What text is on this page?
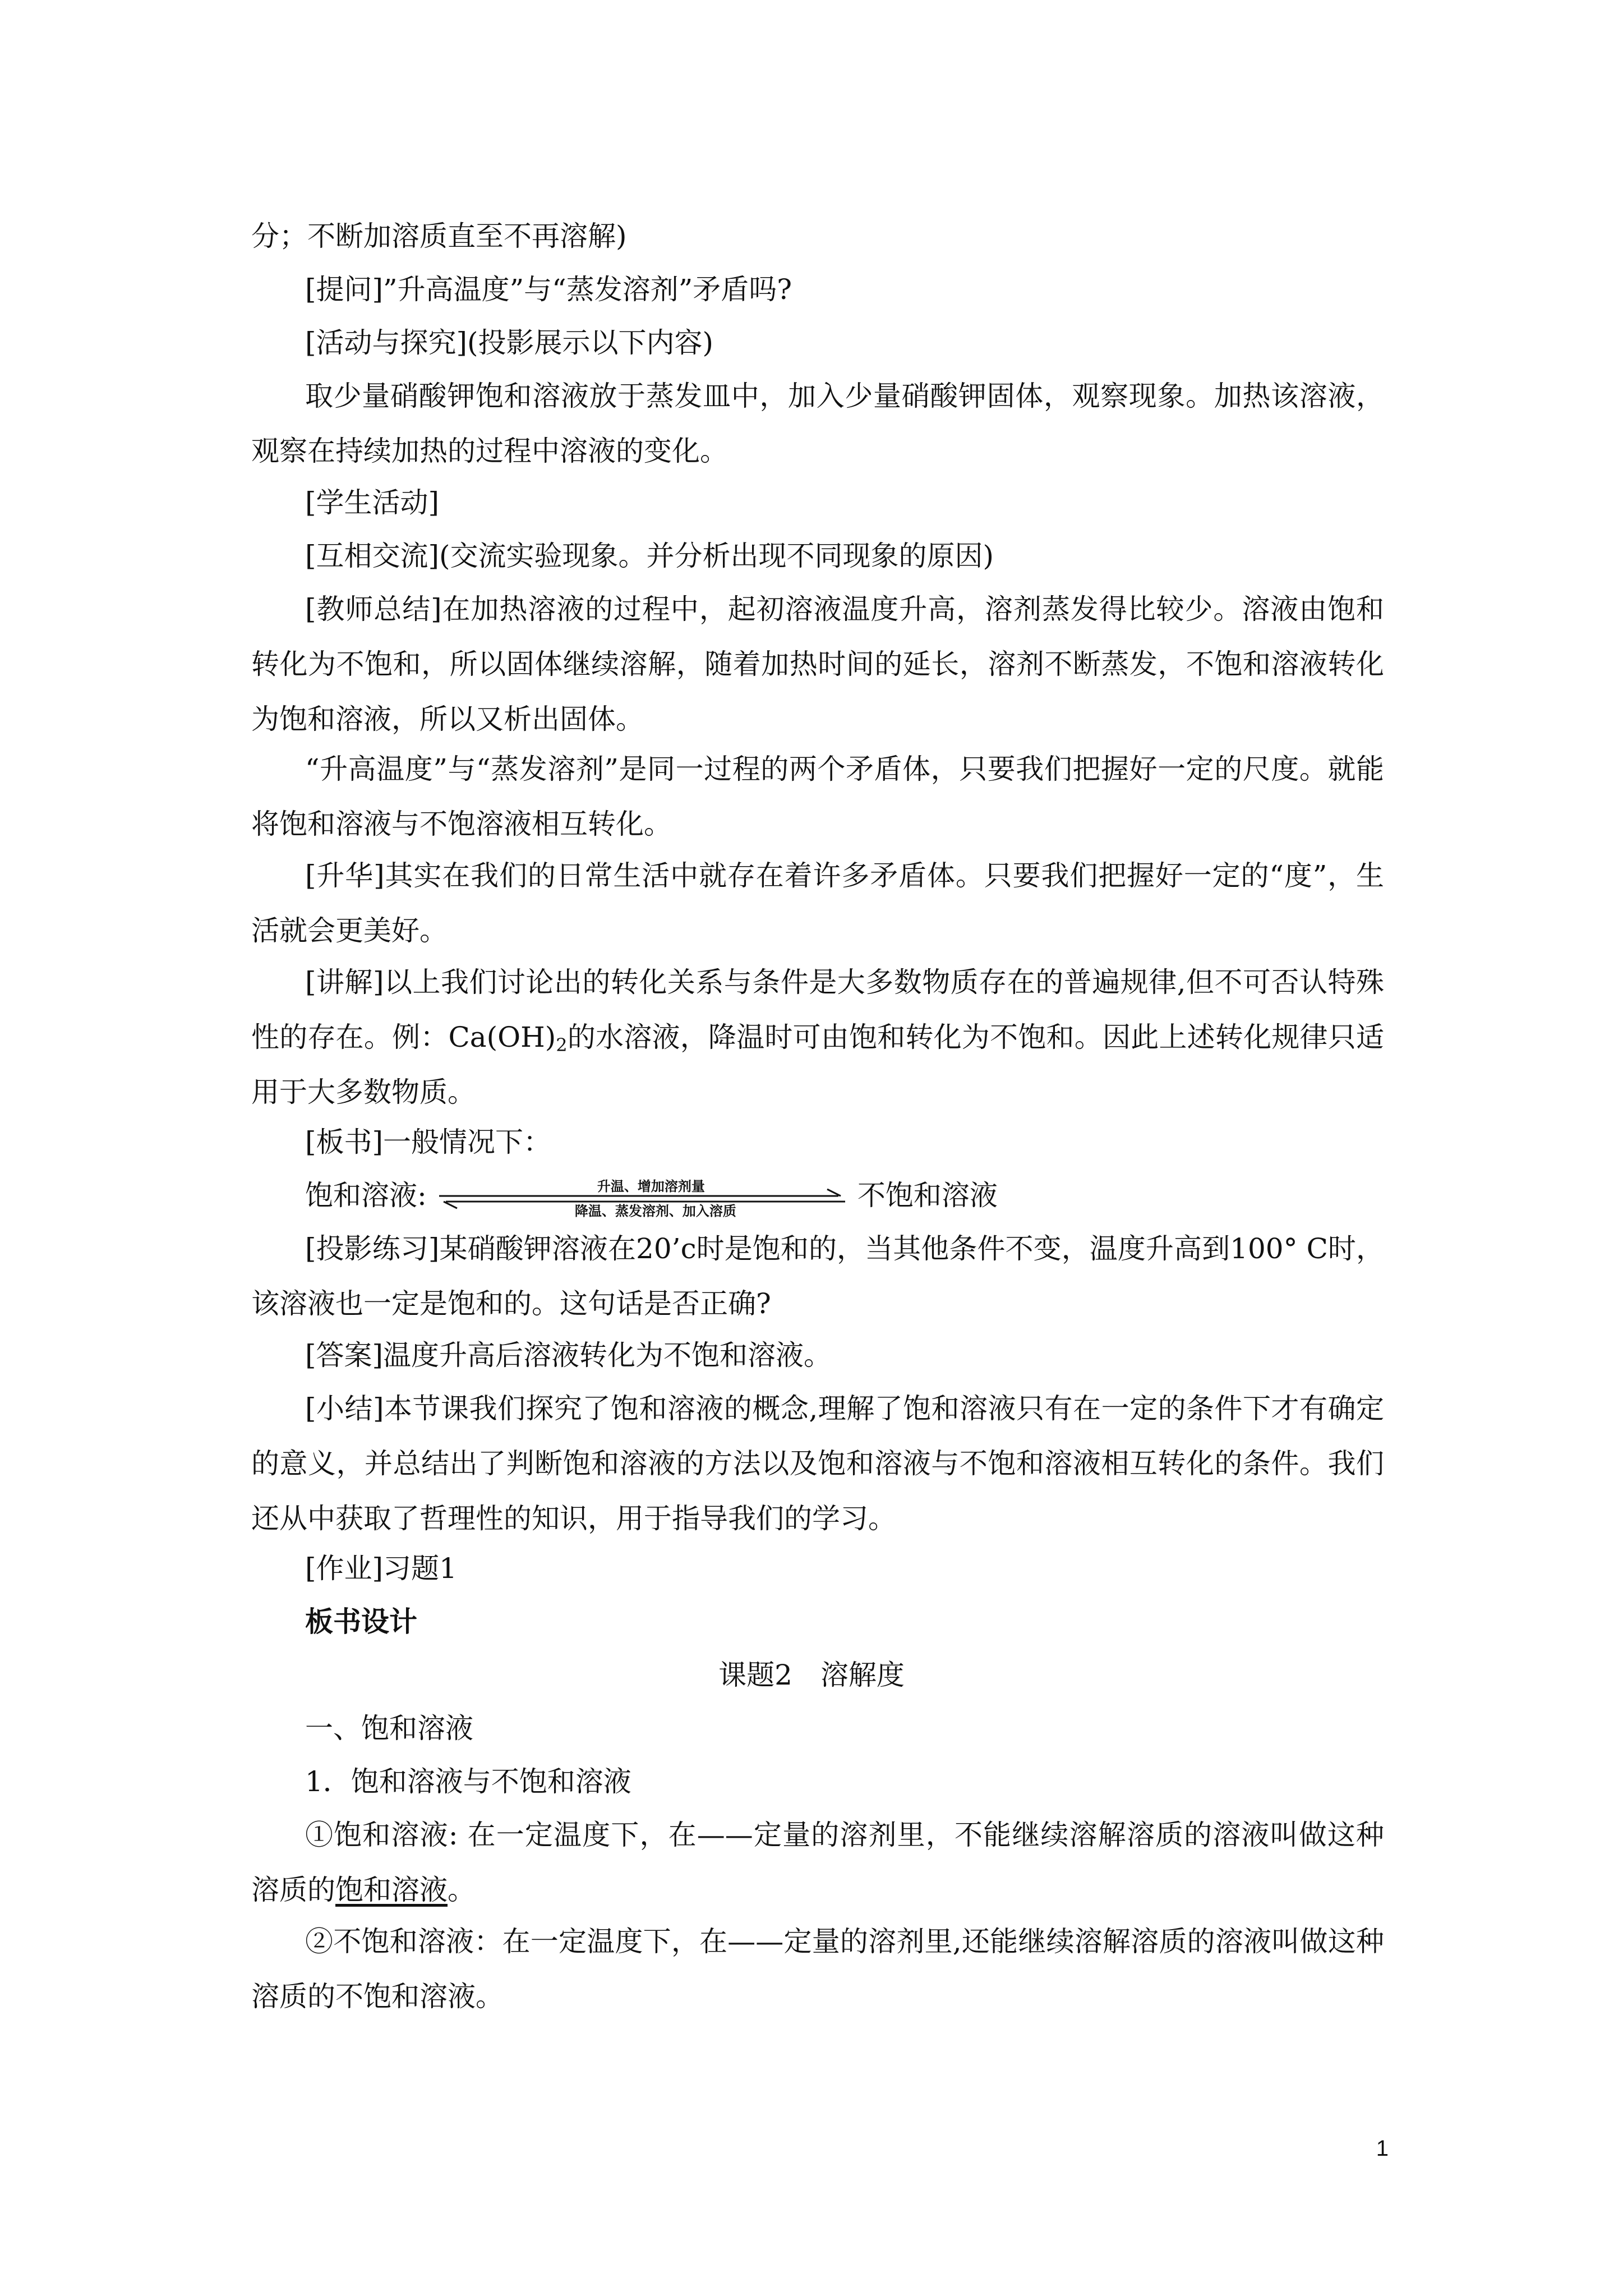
分；不断加溶质直至不再溶解)
[提问]”升高温度”与“蒸发溶剂”矛盾吗?
[活动与探究](投影展示以下内容)
取少量硝酸钾饱和溶液放于蒸发皿中，加入少量硝酸钾固体，观察现象。加热该溶液，观察在持续加热的过程中溶液的变化。
[学生活动]
[互相交流](交流实验现象。并分析出现不同现象的原因)
[教师总结]在加热溶液的过程中，起初溶液温度升高，溶剂蒸发得比较少。溶液由饱和转化为不饱和，所以固体继续溶解，随着加热时间的延长，溶剂不断蒸发，不饱和溶液转化为饱和溶液，所以又析出固体。
“升高温度”与“蒸发溶剂”是同一过程的两个矛盾体，只要我们把握好一定的尺度。就能将饱和溶液与不饱溶液相互转化。
[升华]其实在我们的日常生活中就存在着许多矛盾体。只要我们把握好一定的“度”，生活就会更美好。
[讲解]以上我们讨论出的转化关系与条件是大多数物质存在的普遍规律,但不可否认特殊性的存在。例：$Ca(OH)_2$的水溶液，降温时可由饱和转化为不饱和。因此上述转化规律只适用于大多数物质。
[板书]一般情况下：
饱和溶液:	升温、增加溶剂量
降温、蒸发溶剂、加入溶质	不饱和溶液
[投影练习]某硝酸钾溶液在20’c时是饱和的，当其他条件不变，温度升高到100° C时，该溶液也一定是饱和的。这句话是否正确?
[答案]温度升高后溶液转化为不饱和溶液。
[小结]本节课我们探究了饱和溶液的概念,理解了饱和溶液只有在一定的条件下才有确定的意义，并总结出了判断饱和溶液的方法以及饱和溶液与不饱和溶液相互转化的条件。我们还从中获取了哲理性的知识，用于指导我们的学习。
[作业]习题1
板书设计
课题2　溶解度
一、饱和溶液
1．饱和溶液与不饱和溶液
①饱和溶液: 在一定温度下，在——定量的溶剂里，不能继续溶解溶质的溶液叫做这种溶质的饱和溶液。
②不饱和溶液：在一定温度下，在——定量的溶剂里,还能继续溶解溶质的溶液叫做这种溶质的不饱和溶液。
1
